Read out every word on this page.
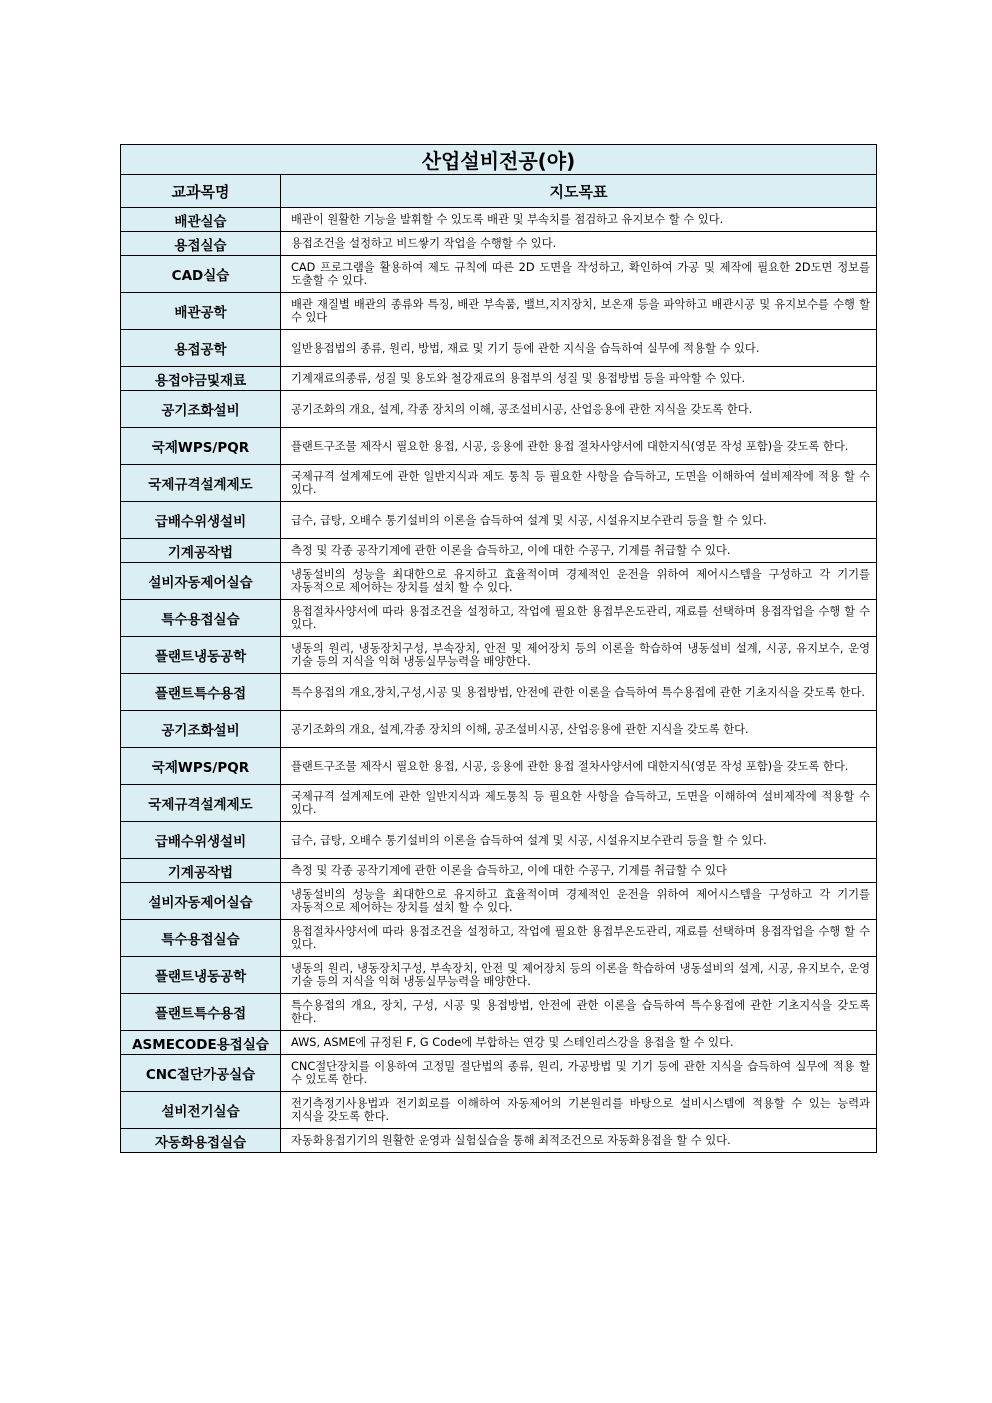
산업설비전공(야)	
교과목명	지도목표
배관실습	배관이 원활한 기능을 발휘할 수 있도록 배관 및 부속치를 점검하고 유지보수 할 수 있다.
용접실습	용접조건을 설정하고 비드쌓기 작업을 수행할 수 있다.
CAD실습	CAD 프로그램을 활용하여 제도 규칙에 따른 2D 도면을 작성하고, 확인하여 가공 및 제작에 필요한 2D도면 정보를 도출할 수 있다.
배관공학	배관 재질별 배관의 종류와 특징, 배관 부속품, 밸브,지지장치, 보온재 등을 파악하고 배관시공 및 유지보수를 수행 할 수 있다
용접공학	일반용접법의 종류, 원리, 방법, 재료 및 기기 등에 관한 지식을 습득하여 실무에 적용할 수 있다.
용접야금및재료	기계재료의종류, 성질 및 용도와 철강재료의 용접부의 성질 및 용접방법 등을 파악할 수 있다.
공기조화설비	공기조화의 개요, 설계, 각종 장치의 이해, 공조설비시공, 산업응용에 관한 지식을 갖도록 한다.
국제WPS/PQR	플랜트구조물 제작시 필요한 용접, 시공, 응용에 관한 용접 절차사양서에 대한지식(영문 작성 포함)을 갖도록 한다.
국제규격설계제도	국제규격 설계제도에 관한 일반지식과 제도 통칙 등 필요한 사항을 습득하고, 도면을 이해하여 설비제작에 적용 할 수 있다.
급배수위생설비	급수, 급탕, 오배수 통기설비의 이론을 습득하여 설계 및 시공, 시설유지보수관리 등을 할 수 있다.
기계공작법	측정 및 각종 공작기계에 관한 이론을 습득하고, 이에 대한 수공구, 기계를 취급할 수 있다.
설비자동제어실습	냉동설비의 성능을 최대한으로 유지하고 효율적이며 경제적인 운전을 위하여 제어시스템을 구성하고 각 기기를 자동적으로 제어하는 장치를 설치 할 수 있다.
특수용접실습	용접절차사양서에 따라 용접조건을 설정하고, 작업에 필요한 용접부온도관리, 재료를 선택하며 용접작업을 수행 할 수 있다.
플랜트냉동공학	냉동의 원리, 냉동장치구성, 부속장치, 안전 및 제어장치 등의 이론을 학습하여 냉동설비 설계, 시공, 유지보수, 운영 기술 등의 지식을 익혀 냉동실무능력을 배양한다.
플랜트특수용접	특수용접의 개요,장치,구성,시공 및 용접방법, 안전에 관한 이론을 습득하여 특수용접에 관한 기초지식을 갖도록 한다.
공기조화설비	공기조화의 개요, 설계,각종 장치의 이해, 공조설비시공, 산업응용에 관한 지식을 갖도록 한다.
국제WPS/PQR	플랜트구조물 제작시 필요한 용접, 시공, 응용에 관한 용접 절차사양서에 대한지식(영문 작성 포함)을 갖도록 한다.
국제규격설계제도	국제규격 설계제도에 관한 일반지식과 제도통칙 등 필요한 사항을 습득하고, 도면을 이해하여 설비제작에 적용할 수 있다.
급배수위생설비	급수, 급탕, 오배수 통기설비의 이론을 습득하여 설계 및 시공, 시설유지보수관리 등을 할 수 있다.
기계공작법	측정 및 각종 공작기계에 관한 이론을 습득하고, 이에 대한 수공구, 기계를 취급할 수 있다
설비자동제어실습	냉동설비의 성능을 최대한으로 유지하고 효율적이며 경제적인 운전을 위하여 제어시스템을 구성하고 각 기기를 자동적으로 제어하는 장치를 설치 할 수 있다.
특수용접실습	용접절차사양서에 따라 용접조건을 설정하고, 작업에 필요한 용접부온도관리, 재료를 선택하며 용접작업을 수행 할 수 있다.
플랜트냉동공학	냉동의 원리, 냉동장치구성, 부속장치, 안전 및 제어장치 등의 이론을 학습하여 냉동설비의 설계, 시공, 유지보수, 운영 기술 등의 지식을 익혀 냉동실무능력을 배양한다.
플랜트특수용접	특수용접의 개요, 장치, 구성, 시공 및 용접방법, 안전에 관한 이론을 습득하여 특수용접에 관한 기초지식을 갖도록 한다.
ASMECODE용접실습	AWS, ASME에 규정된 F, G Code에 부합하는 연강 및 스테인리스강을 용접을 할 수 있다.
CNC절단가공실습	CNC절단장치를 이용하여 고정밀 절단법의 종류, 원리, 가공방법 및 기기 등에 관한 지식을 습득하여 실무에 적용 할 수 있도록 한다.
설비전기실습	전기측정기사용법과 전기회로를 이해하여 자동제어의 기본원리를 바탕으로 설비시스템에 적용할 수 있는 능력과 지식을 갖도록 한다.
자동화용접실습	자동화용접기기의 원활한 운영과 실험실습을 통해 최적조건으로 자동화용접을 할 수 있다.
